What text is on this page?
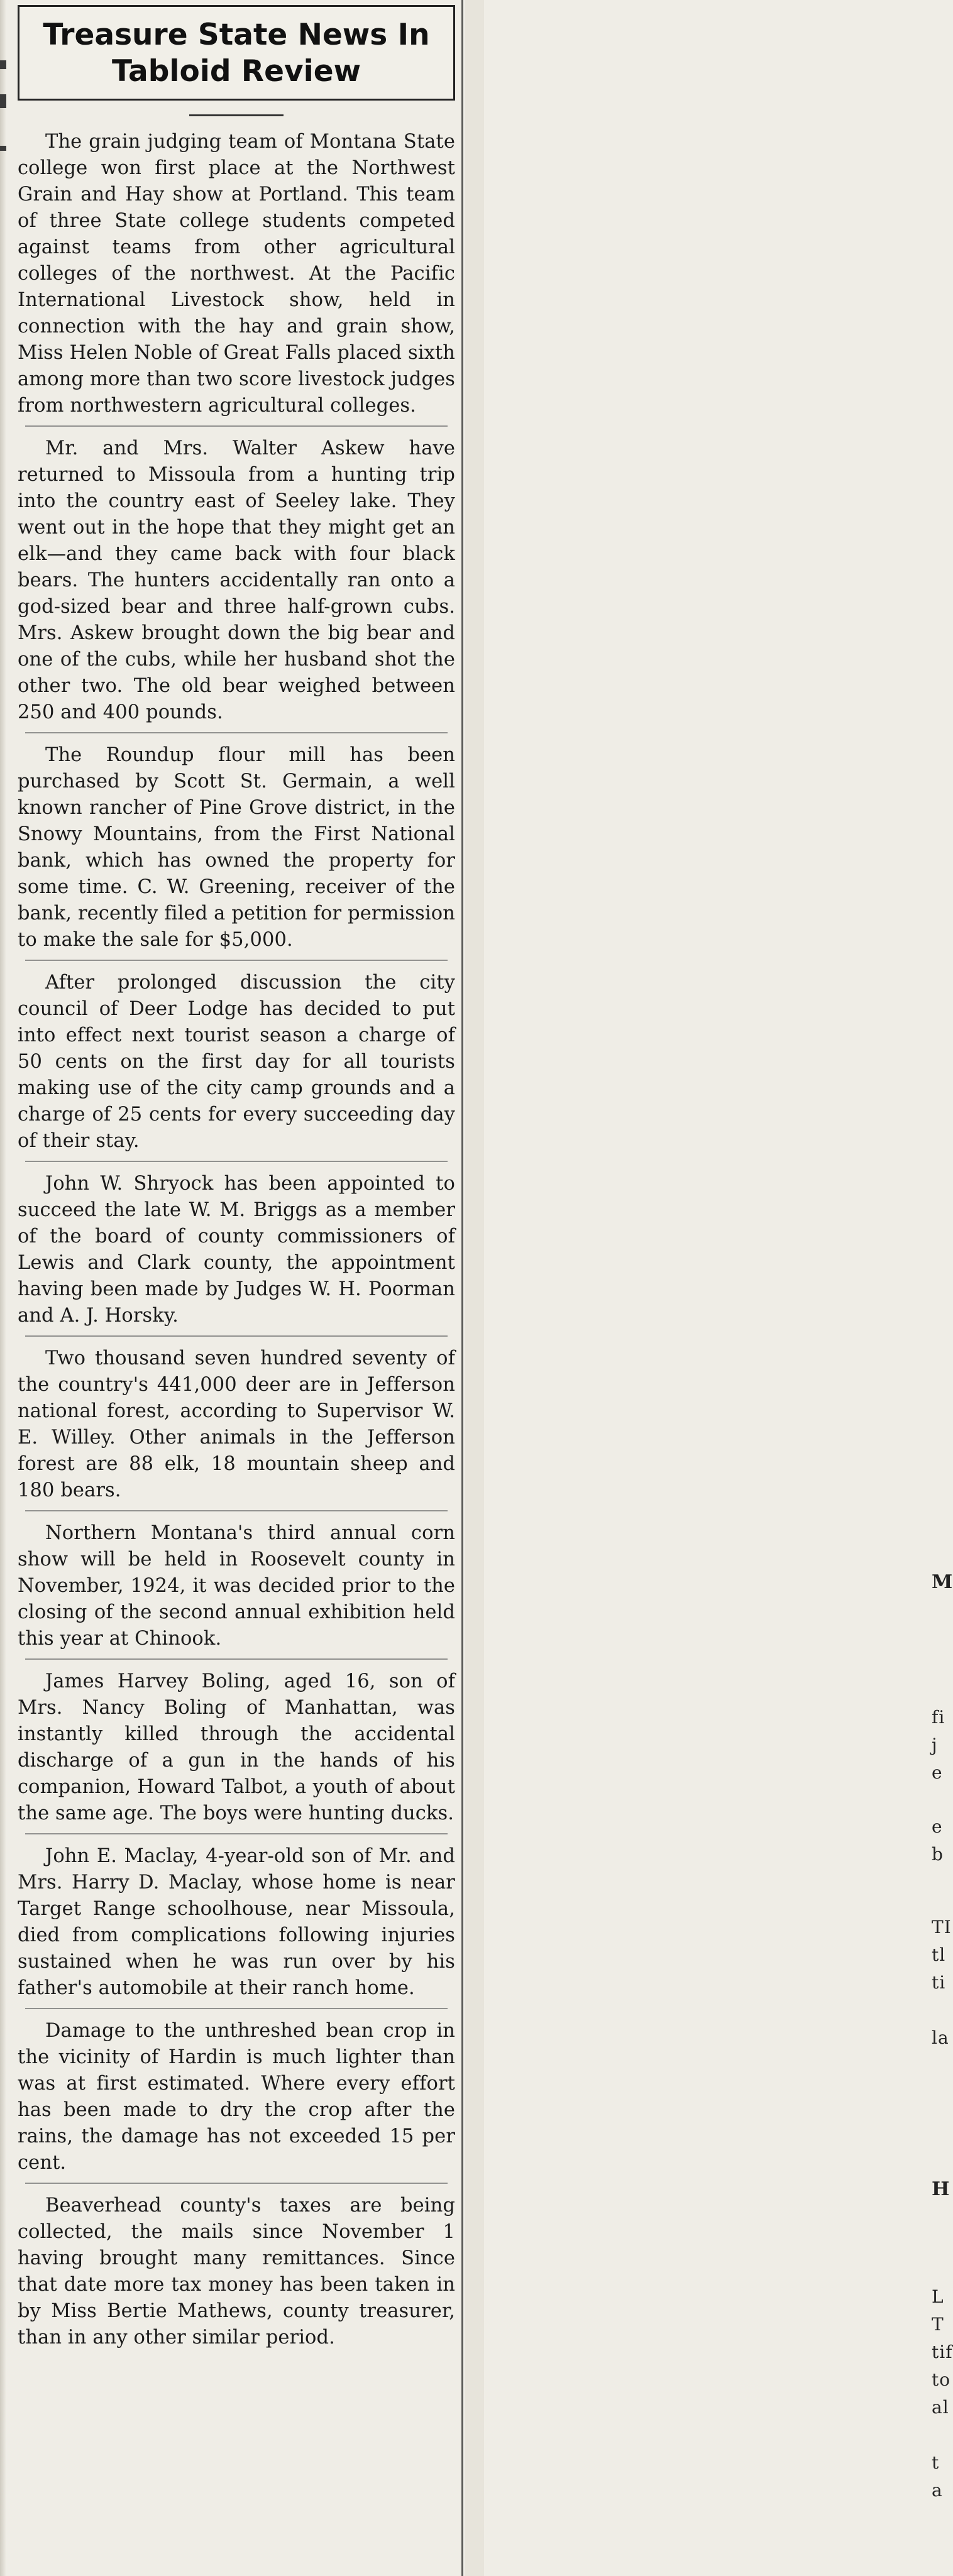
M
fi
j
e
e
b
TI
tl
ti
la
H
L
T
tif
to
al
t
a
Treasure State News In Tabloid Review

The grain judging team of Montana State college won first place at the Northwest Grain and Hay show at Portland. This team of three State college students competed against teams from other agricultural colleges of the northwest. At the Pacific International Livestock show, held in connection with the hay and grain show, Miss Helen Noble of Great Falls placed sixth among more than two score livestock judges from northwestern agricultural colleges.

Mr. and Mrs. Walter Askew have returned to Missoula from a hunting trip into the country east of Seeley lake. They went out in the hope that they might get an elk—and they came back with four black bears. The hunters accidentally ran onto a god-sized bear and three half-grown cubs. Mrs. Askew brought down the big bear and one of the cubs, while her husband shot the other two. The old bear weighed between 250 and 400 pounds.

The Roundup flour mill has been purchased by Scott St. Germain, a well known rancher of Pine Grove district, in the Snowy Mountains, from the First National bank, which has owned the property for some time. C. W. Greening, receiver of the bank, recently filed a petition for permission to make the sale for $5,000.

After prolonged discussion the city council of Deer Lodge has decided to put into effect next tourist season a charge of 50 cents on the first day for all tourists making use of the city camp grounds and a charge of 25 cents for every succeeding day of their stay.

John W. Shryock has been appointed to succeed the late W. M. Briggs as a member of the board of county commissioners of Lewis and Clark county, the appointment having been made by Judges W. H. Poorman and A. J. Horsky.

Two thousand seven hundred seventy of the country's 441,000 deer are in Jefferson national forest, according to Supervisor W. E. Willey. Other animals in the Jefferson forest are 88 elk, 18 mountain sheep and 180 bears.

Northern Montana's third annual corn show will be held in Roosevelt county in November, 1924, it was decided prior to the closing of the second annual exhibition held this year at Chinook.

James Harvey Boling, aged 16, son of Mrs. Nancy Boling of Manhattan, was instantly killed through the accidental discharge of a gun in the hands of his companion, Howard Talbot, a youth of about the same age. The boys were hunting ducks.

John E. Maclay, 4-year-old son of Mr. and Mrs. Harry D. Maclay, whose home is near Target Range schoolhouse, near Missoula, died from complications following injuries sustained when he was run over by his father's automobile at their ranch home.

Damage to the unthreshed bean crop in the vicinity of Hardin is much lighter than was at first estimated. Where every effort has been made to dry the crop after the rains, the damage has not exceeded 15 per cent.

Beaverhead county's taxes are being collected, the mails since November 1 having brought many remittances. Since that date more tax money has been taken in by Miss Bertie Mathews, county treasurer, than in any other similar period.
